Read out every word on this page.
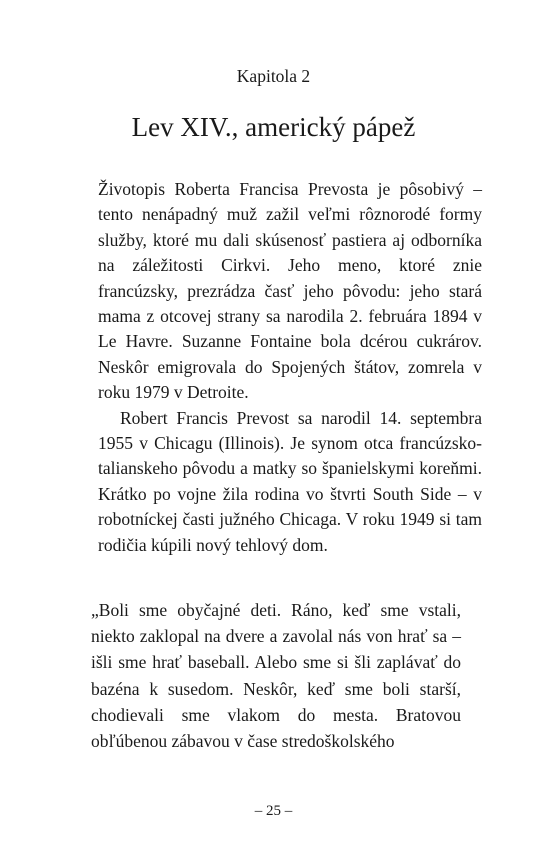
Kapitola 2
Lev XIV., americký pápež

Životopis Roberta Francisa Prevosta je pôsobivý – tento nenápadný muž zažil veľmi rôznorodé formy služby, ktoré mu dali skúsenosť pastiera aj odborníka na záležitosti Cirkvi. Jeho meno, ktoré znie francúzsky, prezrádza časť jeho pôvodu: jeho stará mama z otcovej strany sa narodila 2. februára 1894 v Le Havre. Suzanne Fontaine bola dcérou cukrárov. Neskôr emigrovala do Spojených štátov, zomrela v roku 1979 v Detroite.

Robert Francis Prevost sa narodil 14. septembra 1955 v Chicagu (Illinois). Je synom otca francúzsko-talianskeho pôvodu a matky so španielskymi koreňmi. Krátko po vojne žila rodina vo štvrti South Side – v robotníckej časti južného Chicaga. V roku 1949 si tam rodičia kúpili nový tehlový dom.

„Boli sme obyčajné deti. Ráno, keď sme vstali, niekto zaklopal na dvere a zavolal nás von hrať sa – išli sme hrať baseball. Alebo sme si šli zaplávať do bazéna k susedom. Neskôr, keď sme boli starší, chodievali sme vlakom do mesta. Bratovou obľúbenou zábavou v čase stredoškolského

– 25 –
